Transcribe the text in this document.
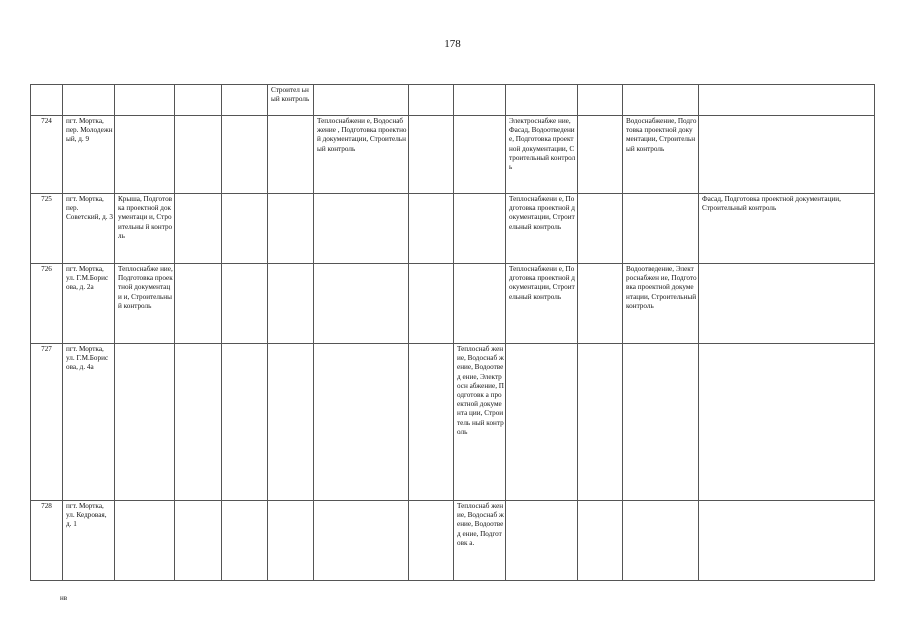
178
					Строител ьный контроль							
724	пгт. Мортка, пер. Молодежн ый, д. 9					Теплоснабжени е, Водоснабжение , Подготовка проектной документации, Строительный контроль			Электроснабже ние, Фасад, Водоотведение, Подготовка проектной документации, Строительный контроль		Водоснабжение, Подготовка проектной документации, Строительный контроль	
725	пгт. Мортка, пер. Советский, д. 3	Крыша, Подготовка проектной документаци и, Строительны й контроль							Теплоснабжени е, Подготовка проектной документации, Строительный контроль			Фасад, Подготовка проектной документации, Строительный контроль
726	пгт. Мортка, ул. Г.М.Борис ова, д. 2а	Теплоснабже ние, Подготовка проектной документаци и, Строительны й контроль							Теплоснабжени е, Подготовка проектной документации, Строительный контроль		Водоотведение, Электроснабжен ие, Подготовка проектной документации, Строительный контроль	
727	пгт. Мортка, ул. Г.М.Борис ова, д. 4а							Теплоснаб жение, Водоснаб жение, Водоотвед ение, Электросн абжение, Подготовк а проектной документа ции, Строитель ный контроль				
728	пгт. Мортка, ул. Кедровая, д. 1							Теплоснаб жение, Водоснаб жение, Водоотвед ение, Подготовк а.				
нв
